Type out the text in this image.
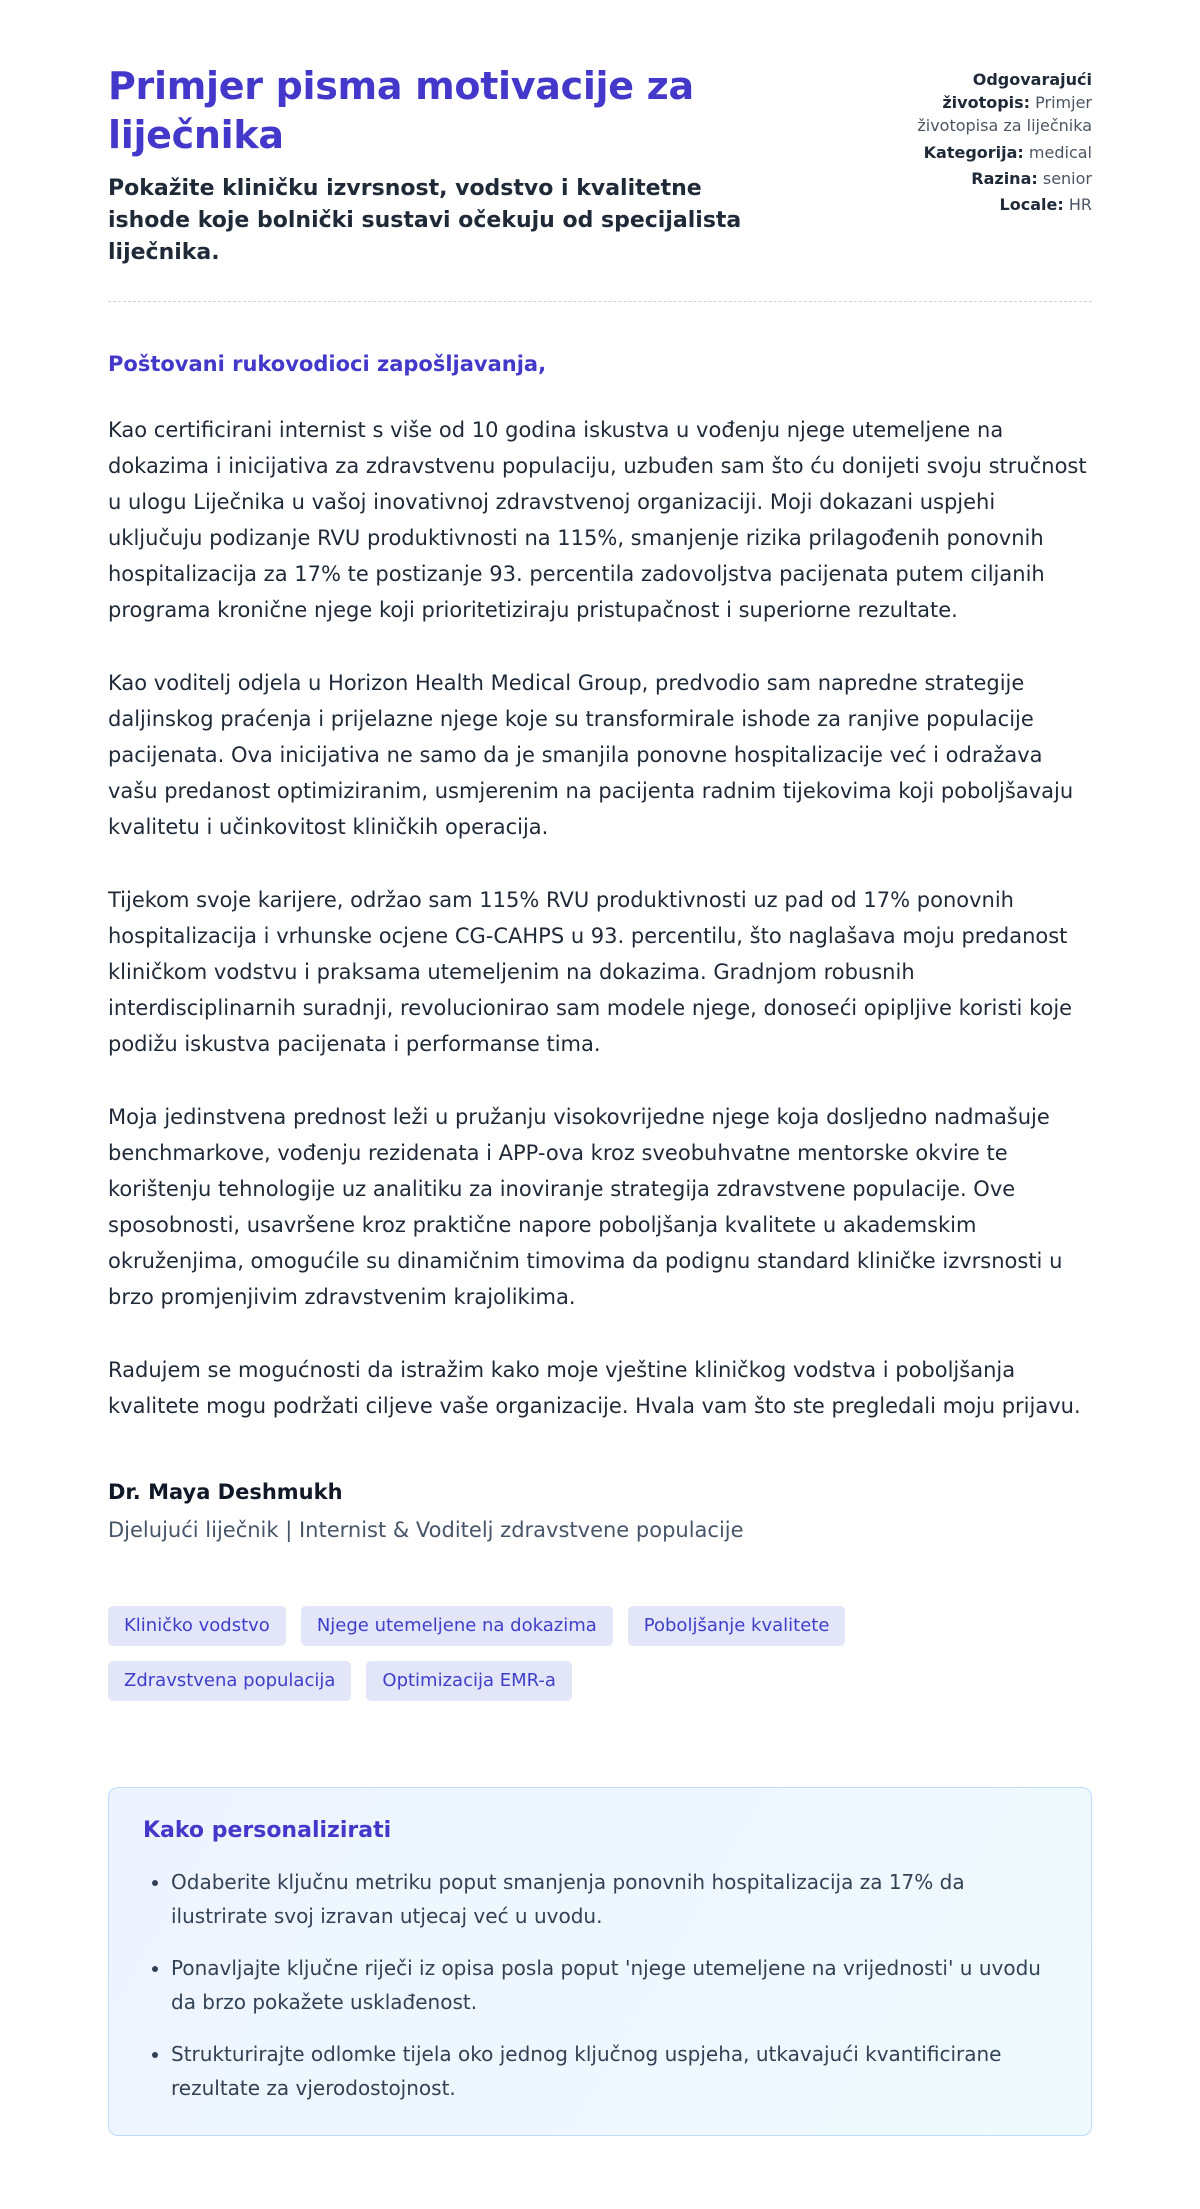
Primjer pisma motivacije za liječnika

Pokažite kliničku izvrsnost, vodstvo i kvalitetne ishode koje bolnički sustavi očekuju od specijalista liječnika.

Odgovarajući životopis: Primjer životopisa za liječnika
Kategorija: medical
Razina: senior
Locale: HR

Poštovani rukovodioci zapošljavanja,

Kao certificirani internist s više od 10 godina iskustva u vođenju njege utemeljene na dokazima i inicijativa za zdravstvenu populaciju, uzbuđen sam što ću donijeti svoju stručnost u ulogu Liječnika u vašoj inovativnoj zdravstvenoj organizaciji. Moji dokazani uspjehi uključuju podizanje RVU produktivnosti na 115%, smanjenje rizika prilagođenih ponovnih hospitalizacija za 17% te postizanje 93. percentila zadovoljstva pacijenata putem ciljanih programa kronične njege koji prioritetiziraju pristupačnost i superiorne rezultate.

Kao voditelj odjela u Horizon Health Medical Group, predvodio sam napredne strategije daljinskog praćenja i prijelazne njege koje su transformirale ishode za ranjive populacije pacijenata. Ova inicijativa ne samo da je smanjila ponovne hospitalizacije već i odražava vašu predanost optimiziranim, usmjerenim na pacijenta radnim tijekovima koji poboljšavaju kvalitetu i učinkovitost kliničkih operacija.

Tijekom svoje karijere, održao sam 115% RVU produktivnosti uz pad od 17% ponovnih hospitalizacija i vrhunske ocjene CG-CAHPS u 93. percentilu, što naglašava moju predanost kliničkom vodstvu i praksama utemeljenim na dokazima. Gradnjom robusnih interdisciplinarnih suradnji, revolucionirao sam modele njege, donoseći opipljive koristi koje podižu iskustva pacijenata i performanse tima.

Moja jedinstvena prednost leži u pružanju visokovrijedne njege koja dosljedno nadmašuje benchmarkove, vođenju rezidenata i APP-ova kroz sveobuhvatne mentorske okvire te korištenju tehnologije uz analitiku za inoviranje strategija zdravstvene populacije. Ove sposobnosti, usavršene kroz praktične napore poboljšanja kvalitete u akademskim okruženjima, omogućile su dinamičnim timovima da podignu standard kliničke izvrsnosti u brzo promjenjivim zdravstvenim krajolikima.

Radujem se mogućnosti da istražim kako moje vještine kliničkog vodstva i poboljšanja kvalitete mogu podržati ciljeve vaše organizacije. Hvala vam što ste pregledali moju prijavu.

Dr. Maya Deshmukh

Djelujući liječnik | Internist & Voditelj zdravstvene populacije

Kliničko vodstvo	Njege utemeljene na dokazima	Poboljšanje kvalitete
Zdravstvena populacija	Optimizacija EMR-a
Kako personalizirati
• Odaberite ključnu metriku poput smanjenja ponovnih hospitalizacija za 17% da ilustrirate svoj izravan utjecaj već u uvodu.
• Ponavljajte ključne riječi iz opisa posla poput 'njege utemeljene na vrijednosti' u uvodu da brzo pokažete usklađenost.
• Strukturirajte odlomke tijela oko jednog ključnog uspjeha, utkavajući kvantificirane rezultate za vjerodostojnost.
